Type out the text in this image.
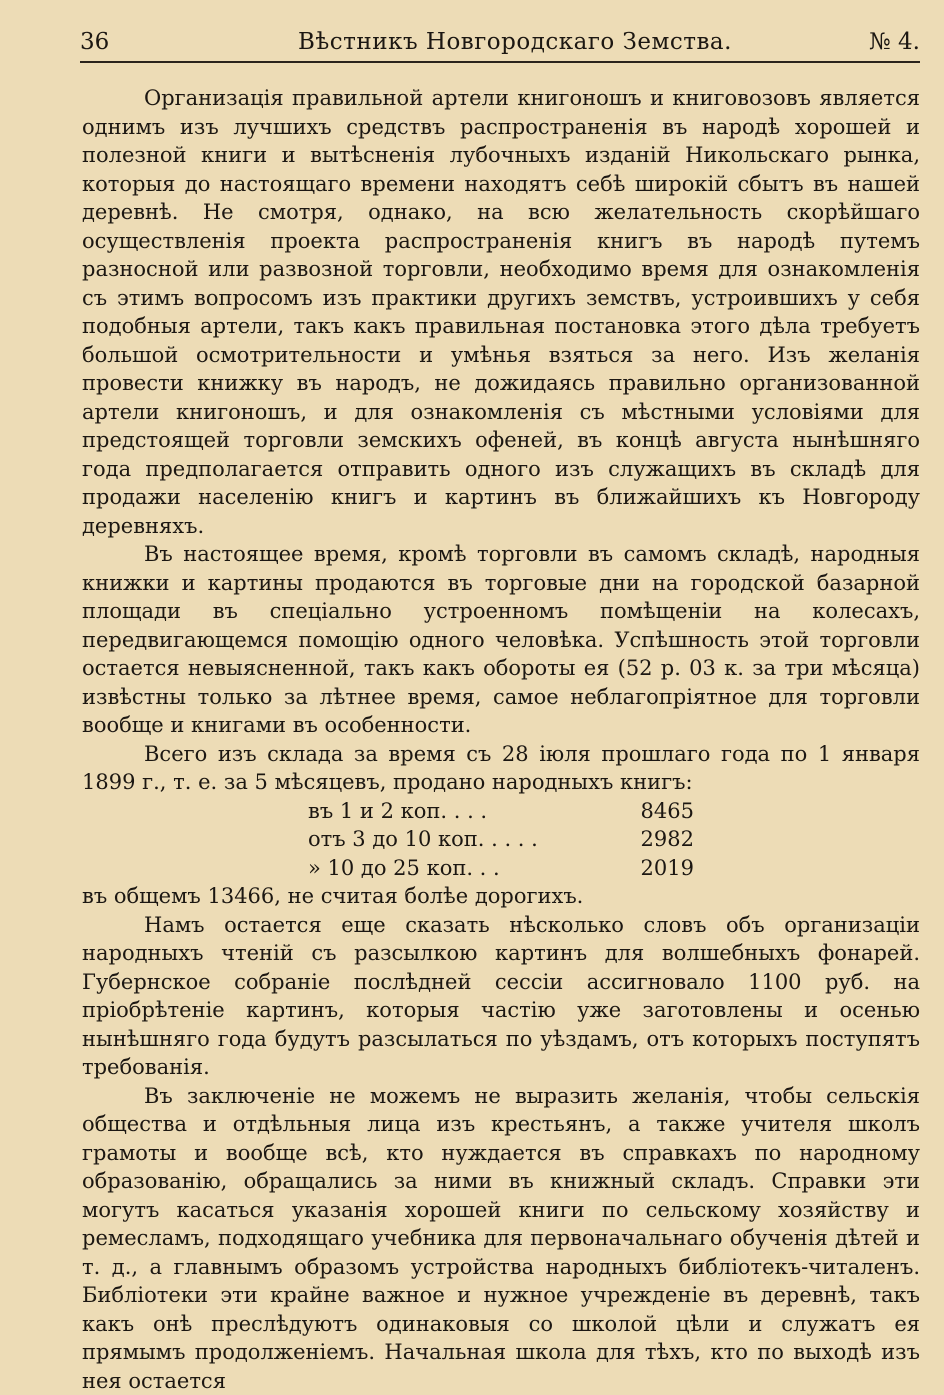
36	Вѣстникъ Новгородскаго Земства.	№ 4.

Организація правильной артели книгоношъ и книговозовъ является однимъ изъ лучшихъ средствъ распространенія въ народѣ хорошей и полезной книги и вытѣсненія лубочныхъ изданій Никольскаго рынка, которыя до настоящаго времени находятъ себѣ широкій сбытъ въ нашей деревнѣ. Не смотря, однако, на всю желательность скорѣйшаго осуществленія проекта распространенія книгъ въ народѣ путемъ разносной или развозной торговли, необходимо время для ознакомленія съ этимъ вопросомъ изъ практики другихъ земствъ, устроившихъ у себя подобныя артели, такъ какъ правильная постановка этого дѣла требуетъ большой осмотрительности и умѣнья взяться за него. Изъ желанія провести книжку въ народъ, не дожидаясь правильно организованной артели книгоношъ, и для ознакомленія съ мѣстными условіями для предстоящей торговли земскихъ офеней, въ концѣ августа нынѣшняго года предполагается отправить одного изъ служащихъ въ складѣ для продажи населенію книгъ и картинъ въ ближайшихъ къ Новгороду деревняхъ.

Въ настоящее время, кромѣ торговли въ самомъ складѣ, народныя книжки и картины продаются въ торговые дни на городской базарной площади въ спеціально устроенномъ помѣщеніи на колесахъ, передвигающемся помощію одного человѣка. Успѣшность этой торговли остается невыясненной, такъ какъ обороты ея (52 р. 03 к. за три мѣсяца) извѣстны только за лѣтнее время, самое неблагопріятное для торговли вообще и книгами въ особенности.

Всего изъ склада за время съ 28 іюля прошлаго года по 1 января 1899 г., т. е. за 5 мѣсяцевъ, продано народныхъ книгъ:

въ 1 и 2 коп. . . .	8465
отъ 3 до 10 коп. . . . .	2982
» 10 до 25 коп. . .	2019

въ общемъ 13466, не считая болѣе дорогихъ.

Намъ остается еще сказать нѣсколько словъ объ организаціи народныхъ чтеній съ разсылкою картинъ для волшебныхъ фонарей. Губернское собраніе послѣдней сессіи ассигновало 1100 руб. на пріобрѣтеніе картинъ, которыя частію уже заготовлены и осенью нынѣшняго года будутъ разсылаться по уѣздамъ, отъ которыхъ поступятъ требованія.

Въ заключеніе не можемъ не выразить желанія, чтобы сельскія общества и отдѣльныя лица изъ крестьянъ, а также учителя школъ грамоты и вообще всѣ, кто нуждается въ справкахъ по народному образованію, обращались за ними въ книжный складъ. Справки эти могутъ касаться указанія хорошей книги по сельскому хозяйству и ремесламъ, подходящаго учебника для первоначальнаго обученія дѣтей и т. д., а главнымъ образомъ устройства народныхъ библіотекъ-читаленъ. Библіотеки эти крайне важное и нужное учрежденіе въ деревнѣ, такъ какъ онѣ преслѣдуютъ одинаковыя со школой цѣли и служатъ ея прямымъ продолженіемъ. Начальная школа для тѣхъ, кто по выходѣ изъ нея остается
